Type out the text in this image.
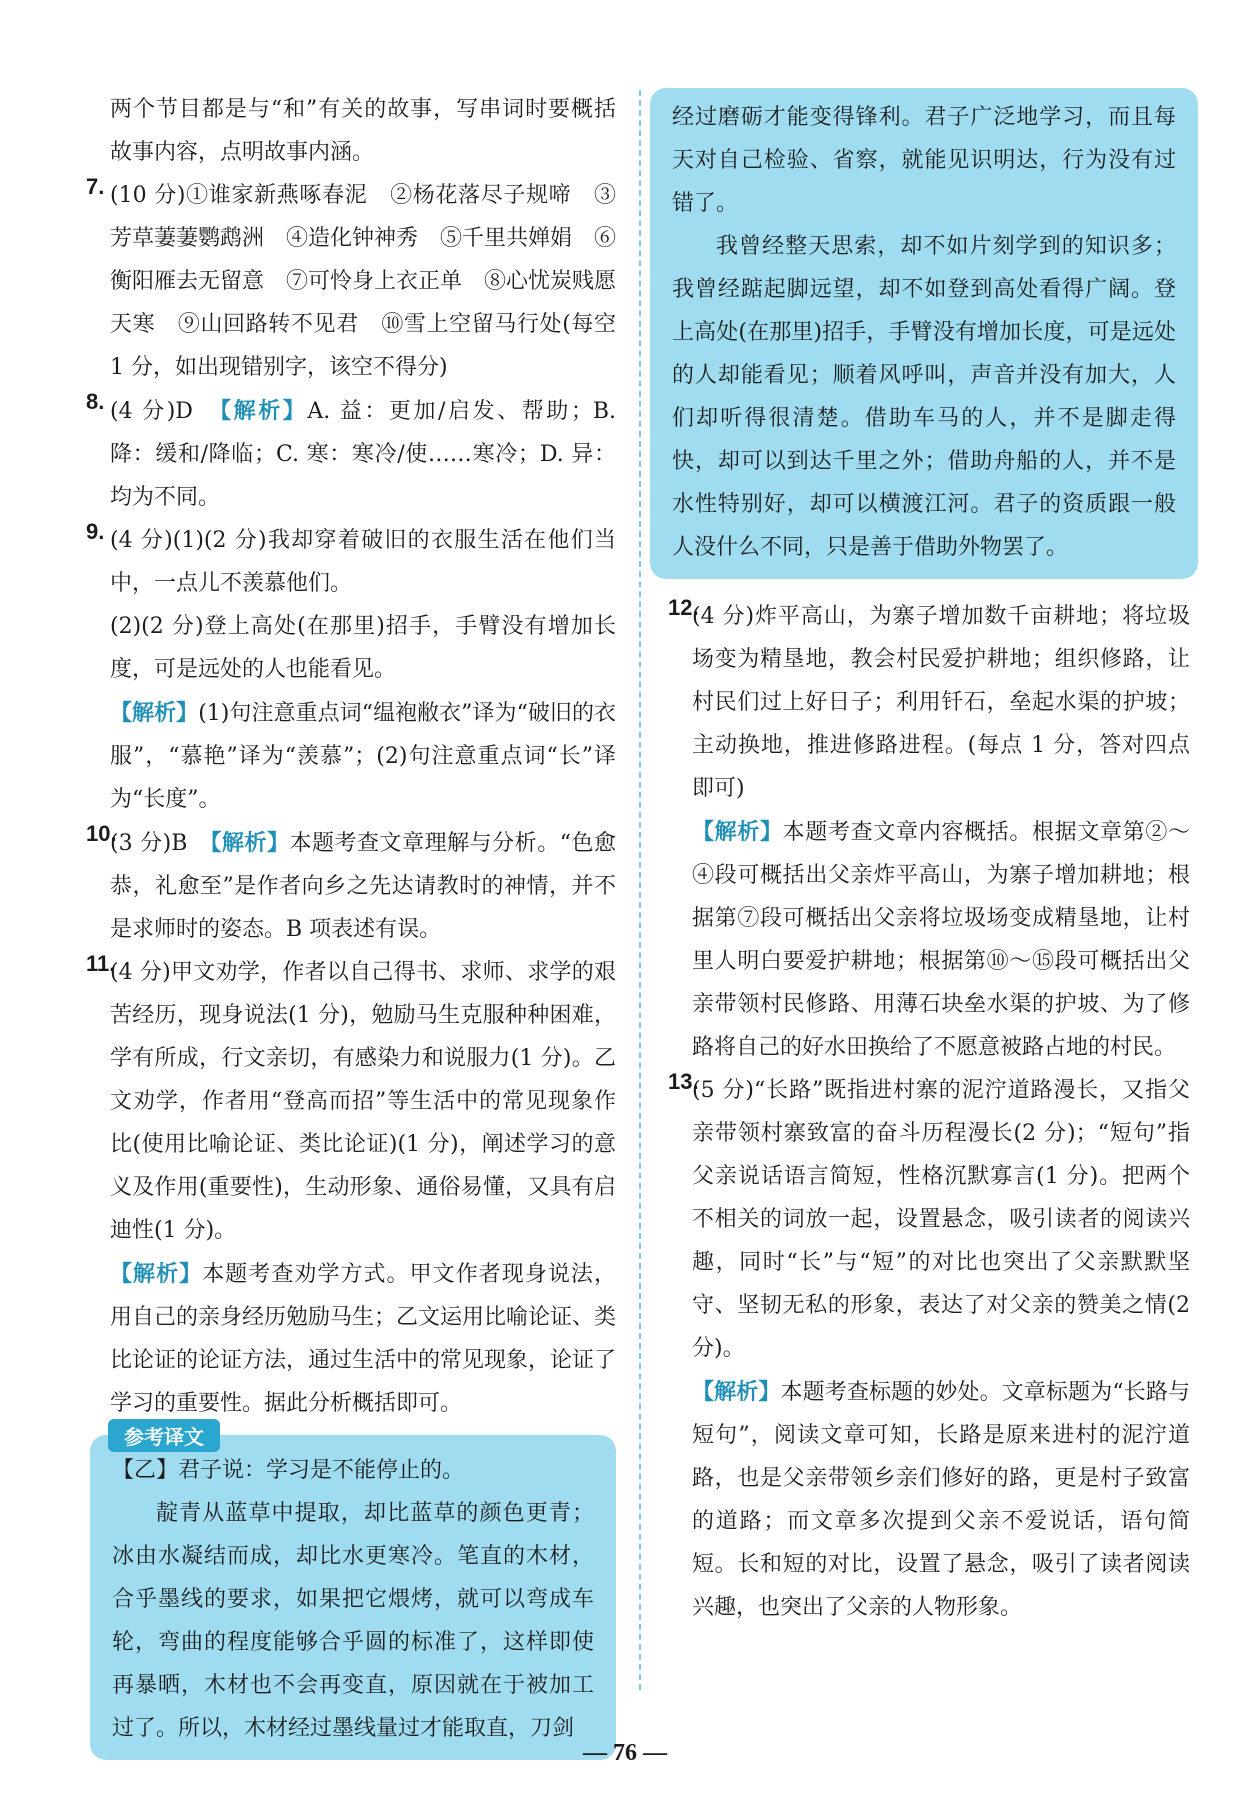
两个节目都是与“和”有关的故事，写串词时要概括故事内容，点明故事内涵。

7. (10 分)①谁家新燕啄春泥　②杨花落尽子规啼　③芳草萋萋鹦鹉洲　④造化钟神秀　⑤千里共婵娟　⑥衡阳雁去无留意　⑦可怜身上衣正单　⑧心忧炭贱愿天寒　⑨山回路转不见君　⑩雪上空留马行处(每空 1 分，如出现错别字，该空不得分)

8. (4 分)D　【解析】A. 益：更加/启发、帮助；B. 降：缓和/降临；C. 寒：寒冷/使……寒冷；D. 异：均为不同。

9. (4 分)(1)(2 分)我却穿着破旧的衣服生活在他们当中，一点儿不羡慕他们。

(2)(2 分)登上高处(在那里)招手，手臂没有增加长度，可是远处的人也能看见。

【解析】(1)句注意重点词“缊袍敝衣”译为“破旧的衣服”，“慕艳”译为“羡慕”；(2)句注意重点词“长”译为“长度”。

10.

(3 分)B　【解析】本题考查文章理解与分析。“色愈恭，礼愈至”是作者向乡之先达请教时的神情，并不是求师时的姿态。B 项表述有误。

11.

(4 分)甲文劝学，作者以自己得书、求师、求学的艰苦经历，现身说法(1 分)，勉励马生克服种种困难，学有所成，行文亲切，有感染力和说服力(1 分)。乙文劝学，作者用“登高而招”等生活中的常见现象作比(使用比喻论证、类比论证)(1 分)，阐述学习的意义及作用(重要性)，生动形象、通俗易懂，又具有启迪性(1 分)。

【解析】本题考查劝学方式。甲文作者现身说法，用自己的亲身经历勉励马生；乙文运用比喻论证、类比论证的论证方法，通过生活中的常见现象，论证了学习的重要性。据此分析概括即可。

参考译文

【乙】君子说：学习是不能停止的。

靛青从蓝草中提取，却比蓝草的颜色更青；冰由水凝结而成，却比水更寒冷。笔直的木材，合乎墨线的要求，如果把它煨烤，就可以弯成车轮，弯曲的程度能够合乎圆的标准了，这样即使再暴晒，木材也不会再变直，原因就在于被加工过了。所以，木材经过墨线量过才能取直，刀剑

经过磨砺才能变得锋利。君子广泛地学习，而且每天对自己检验、省察，就能见识明达，行为没有过错了。

我曾经整天思索，却不如片刻学到的知识多；我曾经踮起脚远望，却不如登到高处看得广阔。登上高处(在那里)招手，手臂没有增加长度，可是远处的人却能看见；顺着风呼叫，声音并没有加大，人们却听得很清楚。借助车马的人，并不是脚走得快，却可以到达千里之外；借助舟船的人，并不是水性特别好，却可以横渡江河。君子的资质跟一般人没什么不同，只是善于借助外物罢了。

12.

(4 分)炸平高山，为寨子增加数千亩耕地；将垃圾场变为精垦地，教会村民爱护耕地；组织修路，让村民们过上好日子；利用钎石，垒起水渠的护坡；主动换地，推进修路进程。(每点 1 分，答对四点即可)

【解析】本题考查文章内容概括。根据文章第②～④段可概括出父亲炸平高山，为寨子增加耕地；根据第⑦段可概括出父亲将垃圾场变成精垦地，让村里人明白要爱护耕地；根据第⑩～⑮段可概括出父亲带领村民修路、用薄石块垒水渠的护坡、为了修路将自己的好水田换给了不愿意被路占地的村民。

13.

(5 分)“长路”既指进村寨的泥泞道路漫长，又指父亲带领村寨致富的奋斗历程漫长(2 分)；“短句”指父亲说话语言简短，性格沉默寡言(1 分)。把两个不相关的词放一起，设置悬念，吸引读者的阅读兴趣，同时“长”与“短”的对比也突出了父亲默默坚守、坚韧无私的形象，表达了对父亲的赞美之情(2 分)。

【解析】本题考查标题的妙处。文章标题为“长路与短句”，阅读文章可知，长路是原来进村的泥泞道路，也是父亲带领乡亲们修好的路，更是村子致富的道路；而文章多次提到父亲不爱说话，语句简短。长和短的对比，设置了悬念，吸引了读者阅读兴趣，也突出了父亲的人物形象。

— 76 —
